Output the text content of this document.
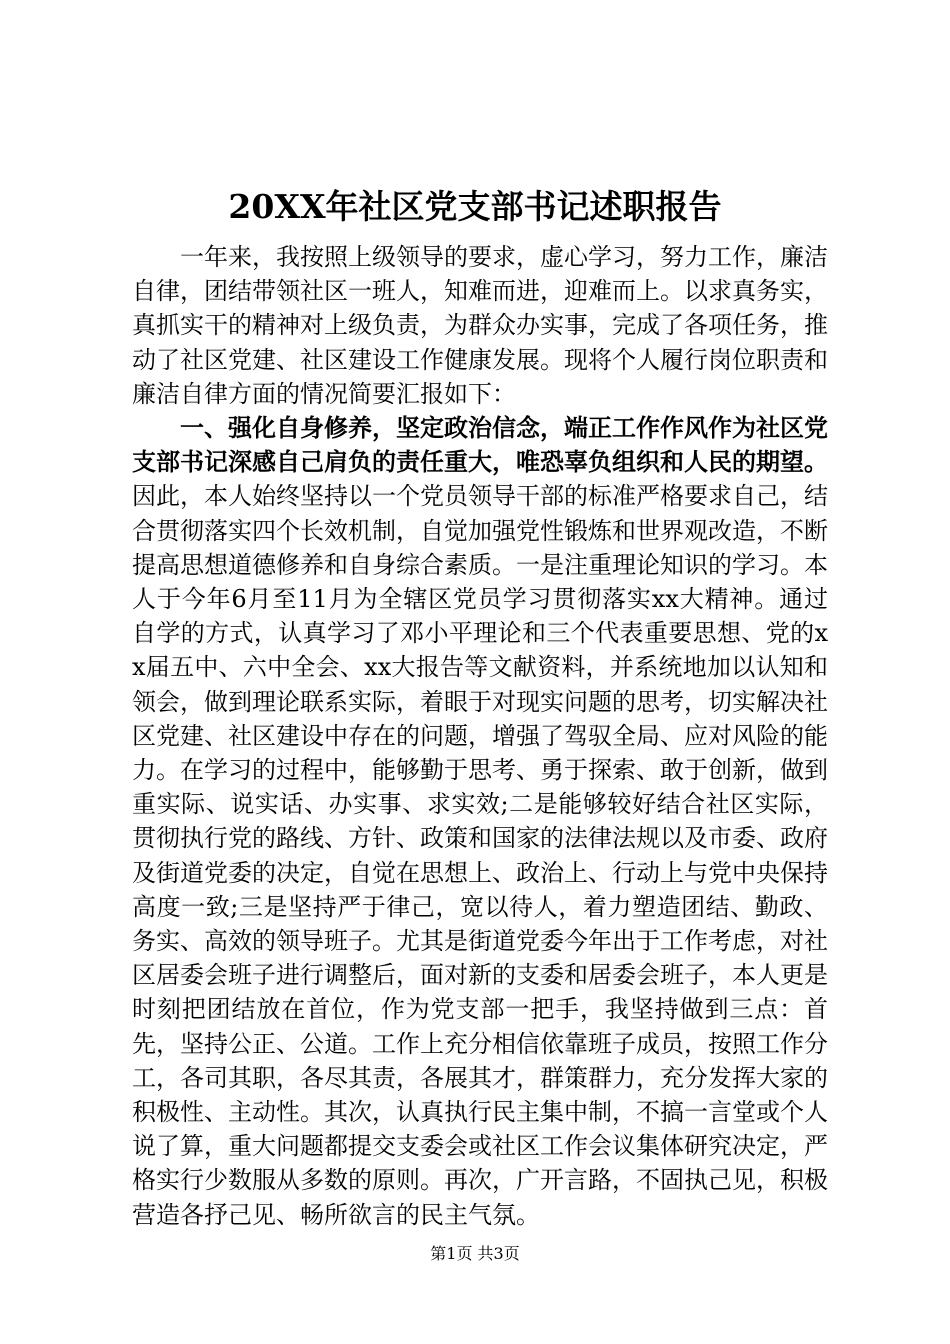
20XX年社区党支部书记述职报告

一年来，我按照上级领导的要求，虚心学习，努力工作，廉洁自律，团结带领社区一班人，知难而进，迎难而上。以求真务实，真抓实干的精神对上级负责，为群众办实事，完成了各项任务，推动了社区党建、社区建设工作健康发展。现将个人履行岗位职责和廉洁自律方面的情况简要汇报如下：

一、强化自身修养，坚定政治信念，端正工作作风作为社区党支部书记深感自己肩负的责任重大，唯恐辜负组织和人民的期望。因此，本人始终坚持以一个党员领导干部的标准严格要求自己，结合贯彻落实四个长效机制，自觉加强党性锻炼和世界观改造，不断提高思想道德修养和自身综合素质。一是注重理论知识的学习。本人于今年6月至11月为全辖区党员学习贯彻落实xx大精神。通过自学的方式，认真学习了邓小平理论和三个代表重要思想、党的xx届五中、六中全会、xx大报告等文献资料，并系统地加以认知和领会，做到理论联系实际，着眼于对现实问题的思考，切实解决社区党建、社区建设中存在的问题，增强了驾驭全局、应对风险的能力。在学习的过程中，能够勤于思考、勇于探索、敢于创新，做到重实际、说实话、办实事、求实效;二是能够较好结合社区实际，贯彻执行党的路线、方针、政策和国家的法律法规以及市委、政府及街道党委的决定，自觉在思想上、政治上、行动上与党中央保持高度一致;三是坚持严于律己，宽以待人，着力塑造团结、勤政、务实、高效的领导班子。尤其是街道党委今年出于工作考虑，对社区居委会班子进行调整后，面对新的支委和居委会班子，本人更是时刻把团结放在首位，作为党支部一把手，我坚持做到三点：首先，坚持公正、公道。工作上充分相信依靠班子成员，按照工作分工，各司其职，各尽其责，各展其才，群策群力，充分发挥大家的积极性、主动性。其次，认真执行民主集中制，不搞一言堂或个人说了算，重大问题都提交支委会或社区工作会议集体研究决定，严格实行少数服从多数的原则。再次，广开言路，不固执己见，积极营造各抒己见、畅所欲言的民主气氛。

第1页 共3页
